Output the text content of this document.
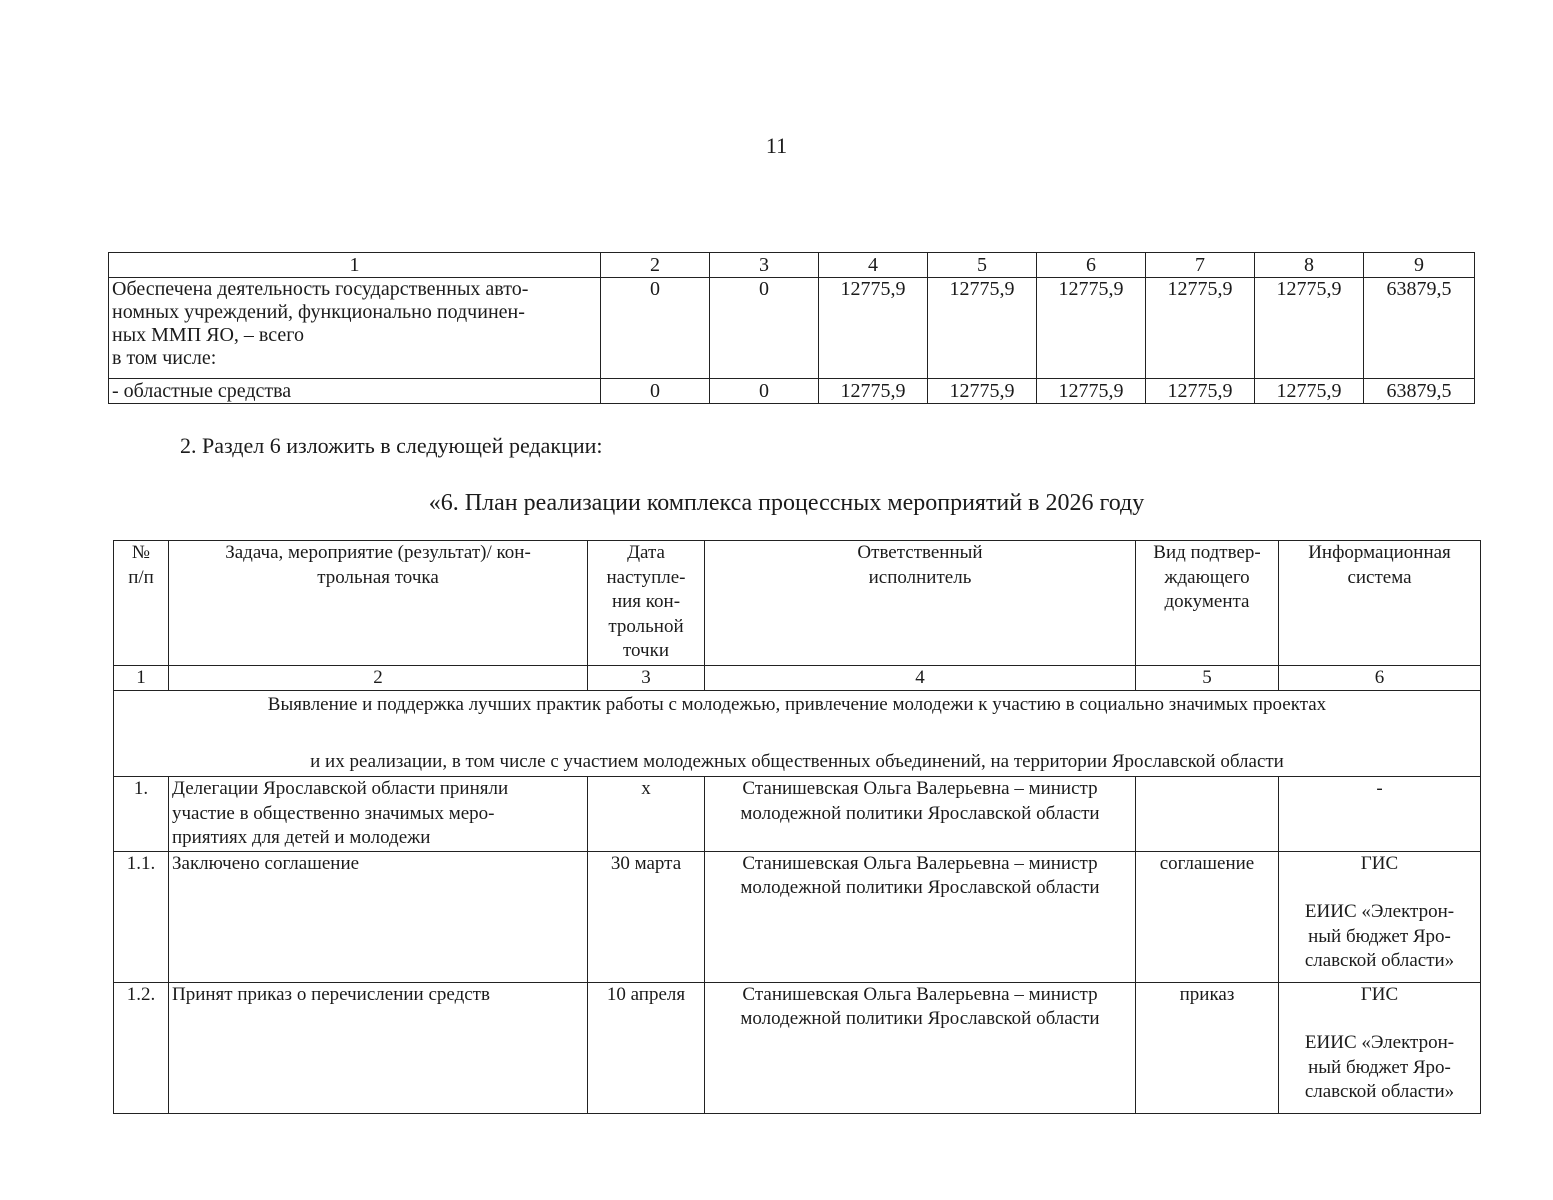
11
1	2	3	4	5	6	7	8	9

Обеспечена деятельность государственных авто-
номных учреждений, функционально подчинен-
ных ММП ЯО, – всего
в том числе:	0	0	12775,9	12775,9	12775,9	12775,9	12775,9	63879,5
- областные средства	0	0	12775,9	12775,9	12775,9	12775,9	12775,9	63879,5
2. Раздел 6 изложить в следующей редакции:
«6. План реализации комплекса процессных мероприятий в 2026 году
№
п/п	Задача, мероприятие (результат)/ кон-
трольная точка	Дата
наступле-
ния кон-
трольной
точки	Ответственный
исполнитель	Вид подтвер-
ждающего
документа	Информационная
система

1	2	3	4	5	6

Выявление и поддержка лучших практик работы с молодежью, привлечение молодежи к участию в социально значимых проектах
и их реализации, в том числе с участием молодежных общественных объединений, на территории Ярославской области					

1.	Делегации Ярославской области приняли
участие в общественно значимых меро-
приятиях для детей и молодежи	х	Станишевская Ольга Валерьевна – министр
молодежной политики Ярославской области		-

1.1.	Заключено соглашение	30 марта	Станишевская Ольга Валерьевна – министр
молодежной политики Ярославской области	соглашение	ГИС
ЕИИС «Электрон-
ный бюджет Яро-
славской области»

1.2.	Принят приказ о перечислении средств	10 апреля	Станишевская Ольга Валерьевна – министр
молодежной политики Ярославской области	приказ	ГИС
ЕИИС «Электрон-
ный бюджет Яро-
славской области»
